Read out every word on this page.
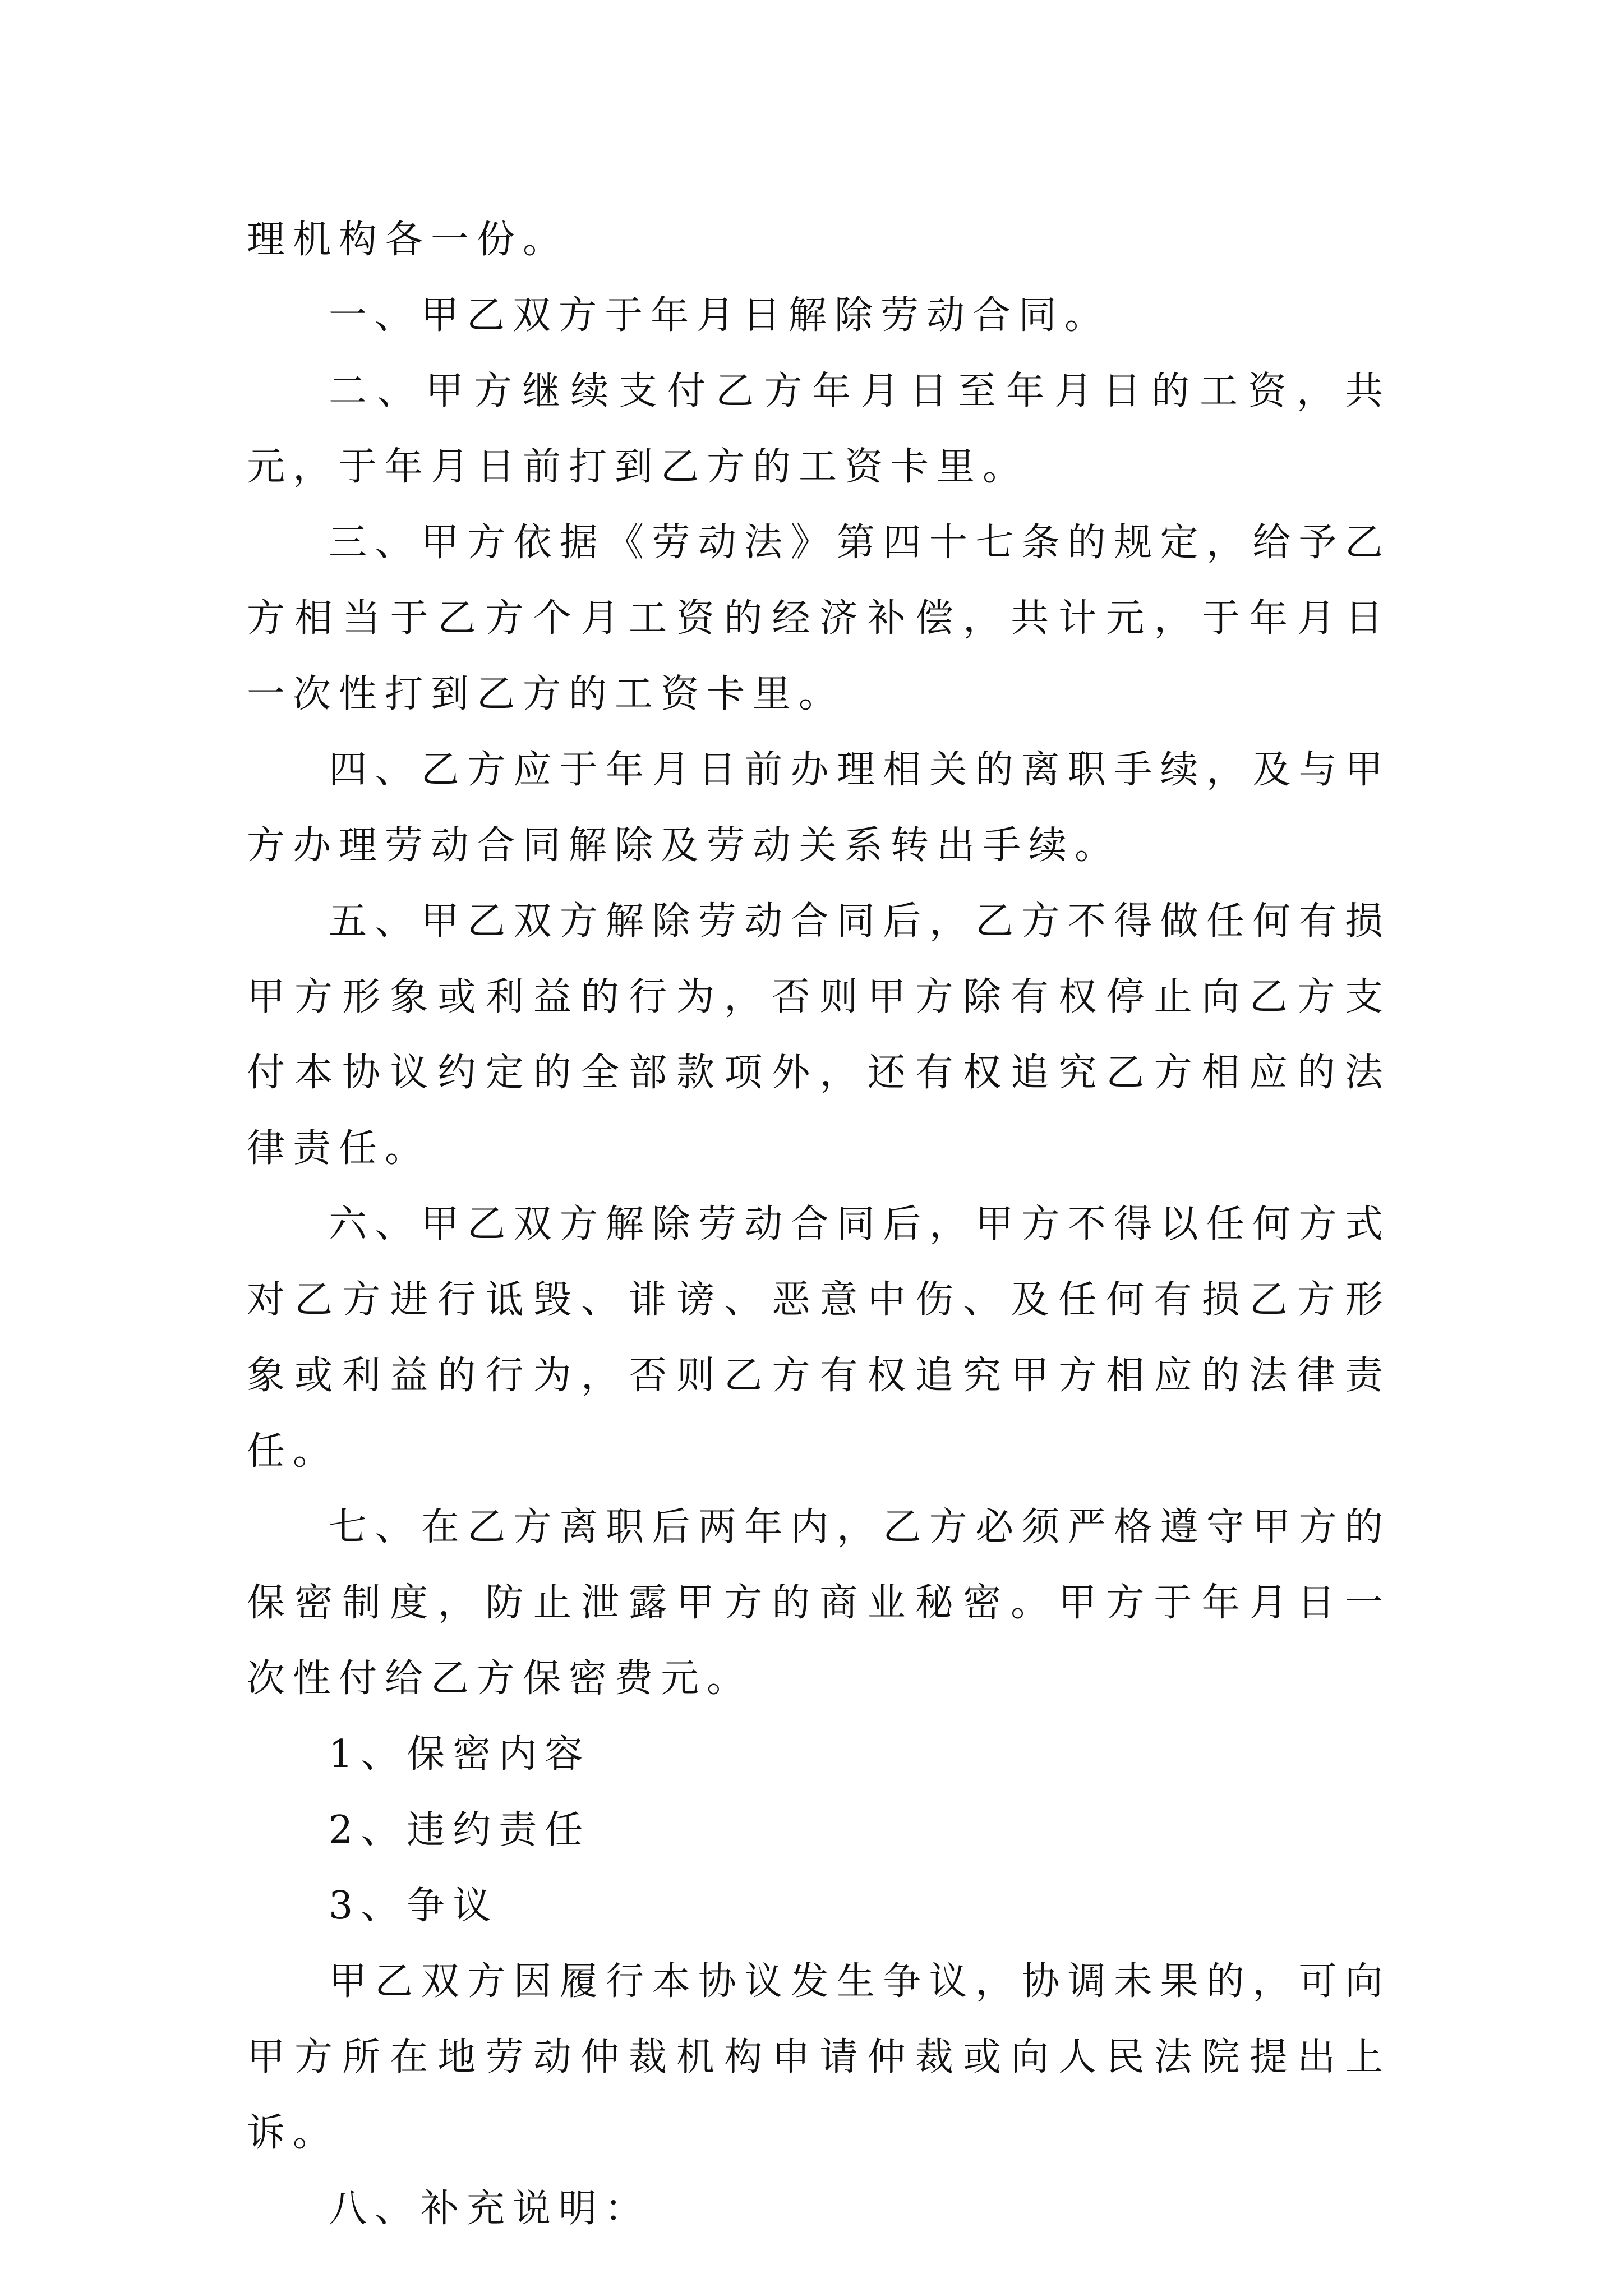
理机构各一份。

一、甲乙双方于年月日解除劳动合同。

二、甲方继续支付乙方年月日至年月日的工资，共元，于年月日前打到乙方的工资卡里。

三、甲方依据《劳动法》第四十七条的规定，给予乙方相当于乙方个月工资的经济补偿，共计元，于年月日一次性打到乙方的工资卡里。

四、乙方应于年月日前办理相关的离职手续，及与甲方办理劳动合同解除及劳动关系转出手续。

五、甲乙双方解除劳动合同后，乙方不得做任何有损甲方形象或利益的行为，否则甲方除有权停止向乙方支付本协议约定的全部款项外，还有权追究乙方相应的法律责任。

六、甲乙双方解除劳动合同后，甲方不得以任何方式对乙方进行诋毁、诽谤、恶意中伤、及任何有损乙方形象或利益的行为，否则乙方有权追究甲方相应的法律责任。

七、在乙方离职后两年内，乙方必须严格遵守甲方的保密制度，防止泄露甲方的商业秘密。甲方于年月日一次性付给乙方保密费元。

1、保密内容

2、违约责任

3、争议

甲乙双方因履行本协议发生争议，协调未果的，可向甲方所在地劳动仲裁机构申请仲裁或向人民法院提出上诉。

八、补充说明：
